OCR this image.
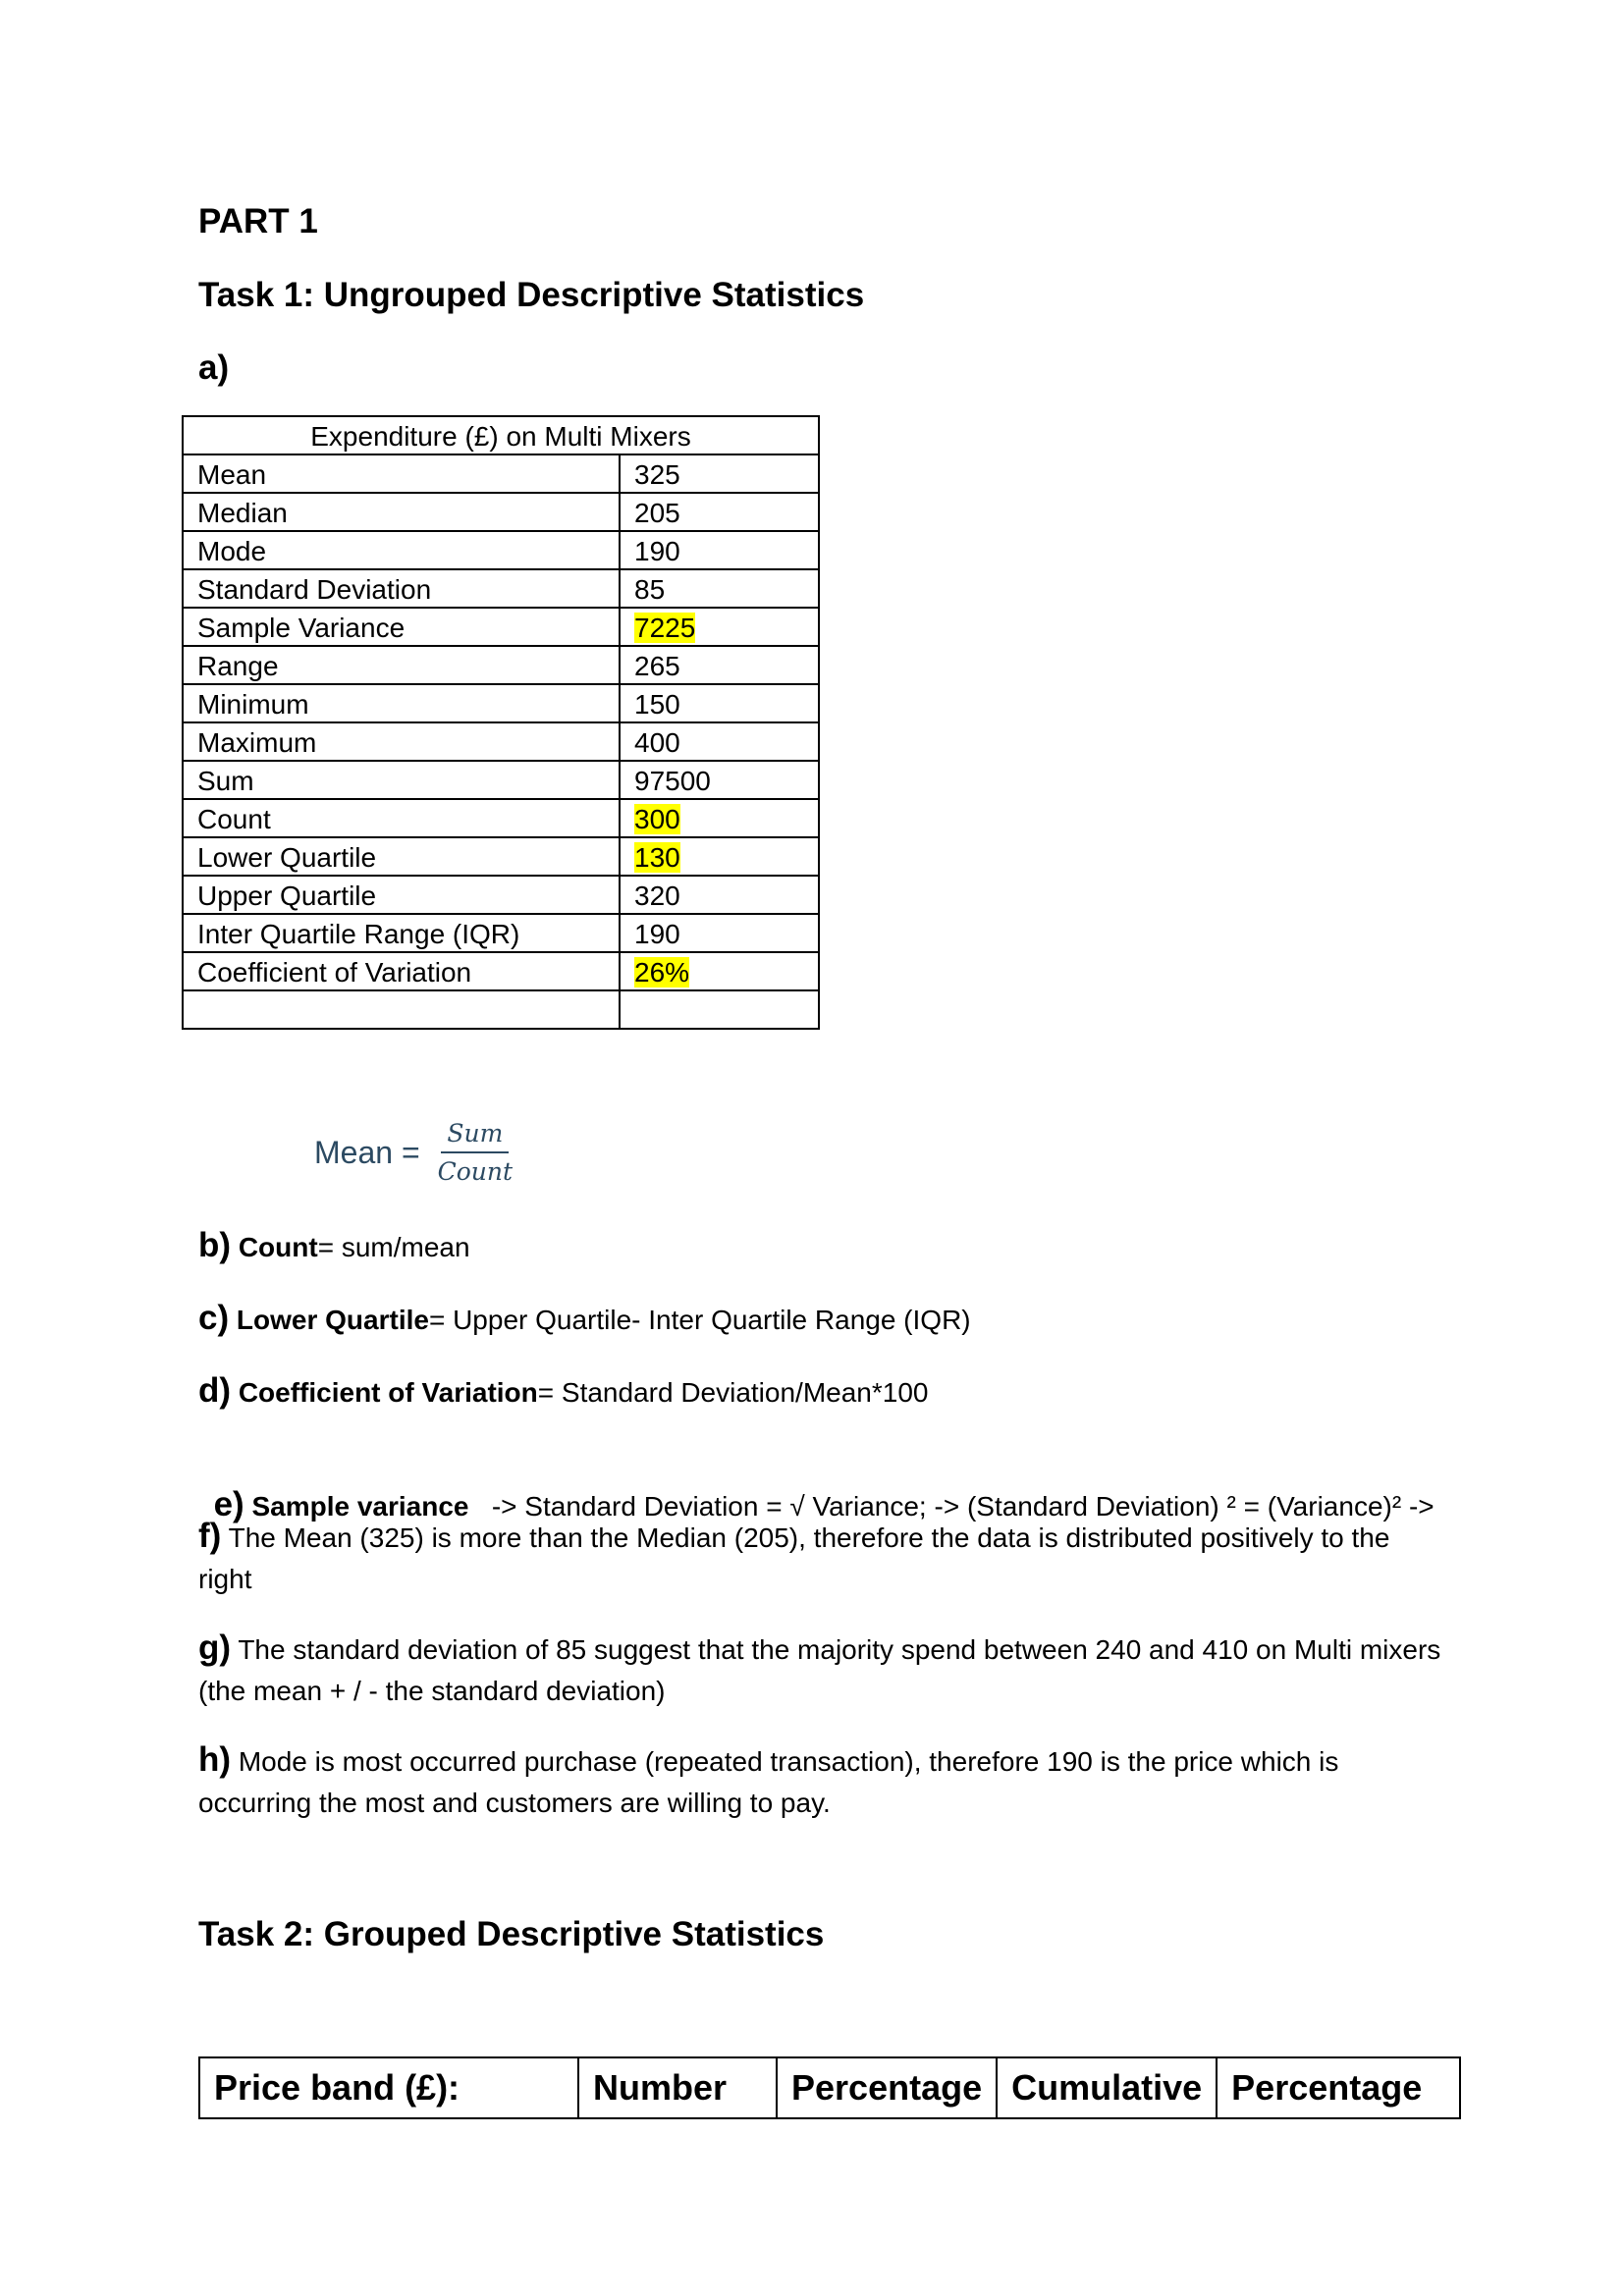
PART 1
Task 1: Ungrouped Descriptive Statistics
a)
Expenditure (£) on Multi Mixers	
Mean	325
Median	205
Mode	190
Standard Deviation	85
Sample Variance	7225
Range	265
Minimum	150
Maximum	400
Sum	97500
Count	300
Lower Quartile	130
Upper Quartile	320
Inter Quartile Range (IQR)	190
Coefficient of Variation	26%

Mean = $\frac{\text{Sum}}{\text{Count}}$
b) Count= sum/mean
c) Lower Quartile= Upper Quartile- Inter Quartile Range (IQR)
d) Coefficient of Variation= Standard Deviation/Mean*100

e) Sample variance   -> Standard Deviation = √ Variance; -> (Standard Deviation) ² = (Variance)² ->

f) The Mean (325) is more than the Median (205), therefore the data is distributed positively to the right
g) The standard deviation of 85 suggest that the majority spend between 240 and 410 on Multi mixers (the mean + / - the standard deviation)
h) Mode is most occurred purchase (repeated transaction), therefore 190 is the price which is occurring the most and customers are willing to pay.
Task 2: Grouped Descriptive Statistics
Price band (£):	Number	Percentage	Cumulative	Percentage
